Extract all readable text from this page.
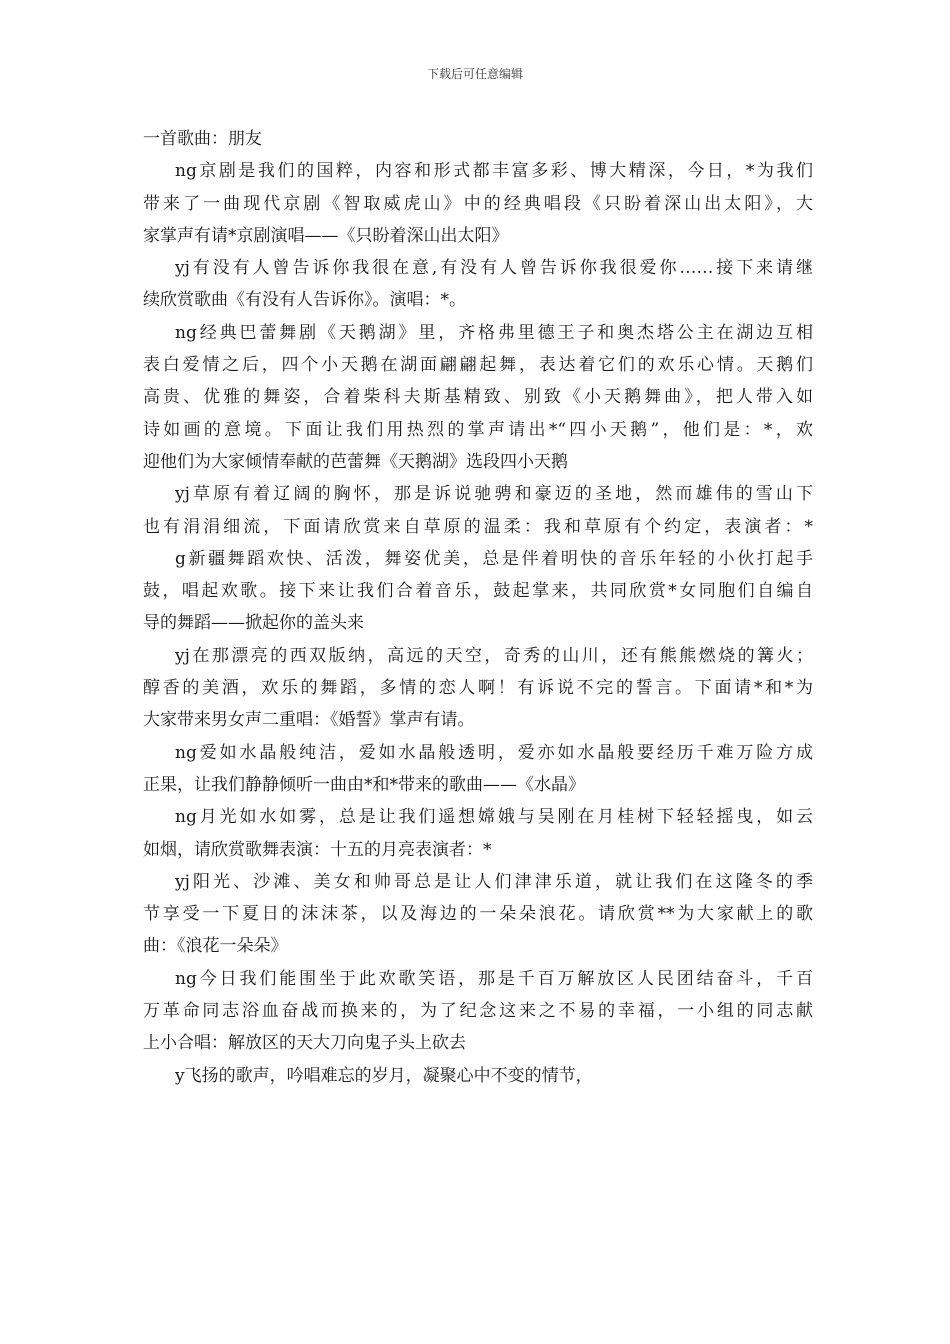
下载后可任意编辑
一首歌曲：朋友
ng京剧是我们的国粹，内容和形式都丰富多彩、博大精深，今日，*为我们
带来了一曲现代京剧《智取威虎山》中的经典唱段《只盼着深山出太阳》，大
家掌声有请*京剧演唱——《只盼着深山出太阳》
yj有没有人曾告诉你我很在意,有没有人曾告诉你我很爱你……接下来请继
续欣赏歌曲《有没有人告诉你》。演唱：*。
ng经典巴蕾舞剧《天鹅湖》里，齐格弗里德王子和奥杰塔公主在湖边互相
表白爱情之后，四个小天鹅在湖面翩翩起舞，表达着它们的欢乐心情。天鹅们
高贵、优雅的舞姿，合着柴科夫斯基精致、别致《小天鹅舞曲》，把人带入如
诗如画的意境。下面让我们用热烈的掌声请出*“四小天鹅”，他们是：*，欢
迎他们为大家倾情奉献的芭蕾舞《天鹅湖》选段四小天鹅
yj草原有着辽阔的胸怀，那是诉说驰骋和豪迈的圣地，然而雄伟的雪山下
也有涓涓细流，下面请欣赏来自草原的温柔：我和草原有个约定，表演者：*
g新疆舞蹈欢快、活泼，舞姿优美，总是伴着明快的音乐年轻的小伙打起手
鼓，唱起欢歌。接下来让我们合着音乐，鼓起掌来，共同欣赏*女同胞们自编自
导的舞蹈——掀起你的盖头来
yj在那漂亮的西双版纳，高远的天空，奇秀的山川，还有熊熊燃烧的篝火；
醇香的美酒，欢乐的舞蹈，多情的恋人啊！有诉说不完的誓言。下面请*和*为
大家带来男女声二重唱：《婚誓》掌声有请。
ng爱如水晶般纯洁，爱如水晶般透明，爱亦如水晶般要经历千难万险方成
正果，让我们静静倾听一曲由*和*带来的歌曲——《水晶》
ng月光如水如雾，总是让我们遥想嫦娥与吴刚在月桂树下轻轻摇曳，如云
如烟，请欣赏歌舞表演：十五的月亮表演者：*
yj阳光、沙滩、美女和帅哥总是让人们津津乐道，就让我们在这隆冬的季
节享受一下夏日的沫沫茶，以及海边的一朵朵浪花。请欣赏**为大家献上的歌
曲：《浪花一朵朵》
ng今日我们能围坐于此欢歌笑语，那是千百万解放区人民团结奋斗，千百
万革命同志浴血奋战而换来的，为了纪念这来之不易的幸福，一小组的同志献
上小合唱：解放区的天大刀向鬼子头上砍去
y飞扬的歌声，吟唱难忘的岁月，凝聚心中不变的情节，
